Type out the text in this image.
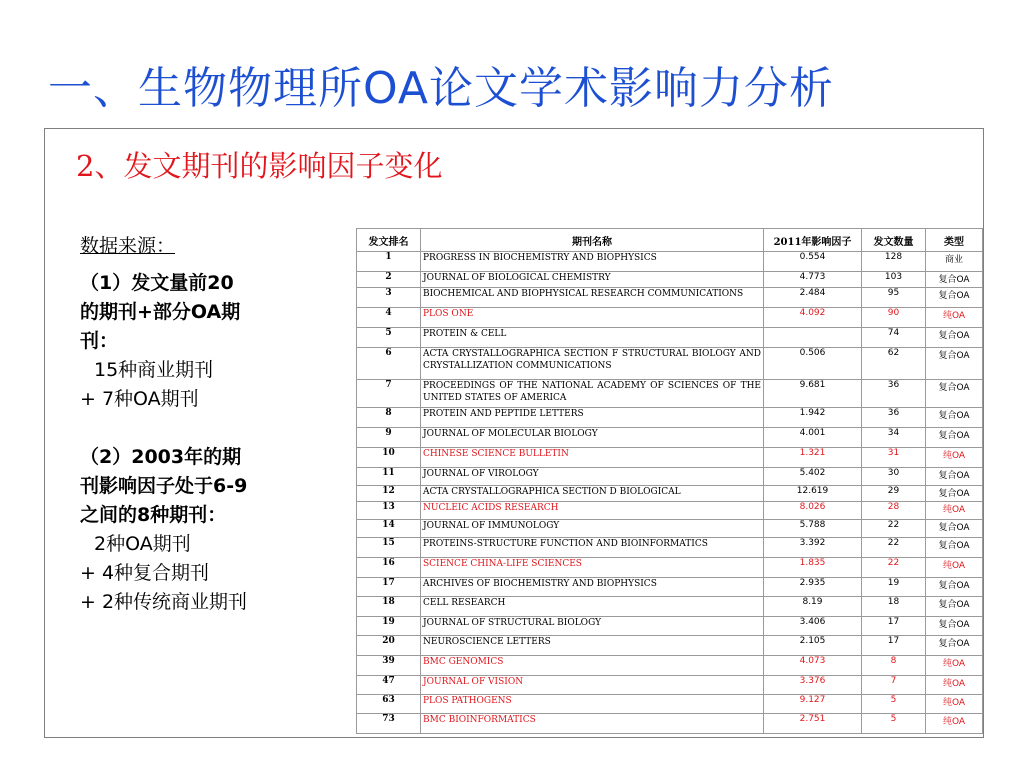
一、生物物理所OA论文学术影响力分析
2、发文期刊的影响因子变化

数据来源：

（1）发文量前20

的期刊+部分OA期

刊：

15种商业期刊

+ 7种OA期刊

（2）2003年的期

刊影响因子处于6-9

之间的8种期刊：

2种OA期刊

+ 4种复合期刊

+ 2种传统商业期刊

发文排名	期刊名称	2011年影响因子	发文数量	类型
1	PROGRESS IN BIOCHEMISTRY AND BIOPHYSICS	0.554	128	商业
2	JOURNAL OF BIOLOGICAL CHEMISTRY	4.773	103	复合OA
3	BIOCHEMICAL AND BIOPHYSICAL RESEARCH COMMUNICATIONS	2.484	95	复合OA
4	PLOS ONE	4.092	90	纯OA
5	PROTEIN & CELL		74	复合OA
6	ACTA CRYSTALLOGRAPHICA SECTION F STRUCTURAL BIOLOGY AND CRYSTALLIZATION COMMUNICATIONS	0.506	62	复合OA
7	PROCEEDINGS OF THE NATIONAL ACADEMY OF SCIENCES OF THE UNITED STATES OF AMERICA	9.681	36	复合OA
8	PROTEIN AND PEPTIDE LETTERS	1.942	36	复合OA
9	JOURNAL OF MOLECULAR BIOLOGY	4.001	34	复合OA
10	CHINESE SCIENCE BULLETIN	1.321	31	纯OA
11	JOURNAL OF VIROLOGY	5.402	30	复合OA
12	ACTA CRYSTALLOGRAPHICA SECTION D BIOLOGICAL	12.619	29	复合OA
13	NUCLEIC ACIDS RESEARCH	8.026	28	纯OA
14	JOURNAL OF IMMUNOLOGY	5.788	22	复合OA
15	PROTEINS-STRUCTURE FUNCTION AND BIOINFORMATICS	3.392	22	复合OA
16	SCIENCE CHINA-LIFE SCIENCES	1.835	22	纯OA
17	ARCHIVES OF BIOCHEMISTRY AND BIOPHYSICS	2.935	19	复合OA
18	CELL RESEARCH	8.19	18	复合OA
19	JOURNAL OF STRUCTURAL BIOLOGY	3.406	17	复合OA
20	NEUROSCIENCE LETTERS	2.105	17	复合OA
39	BMC GENOMICS	4.073	8	纯OA
47	JOURNAL OF VISION	3.376	7	纯OA
63	PLOS PATHOGENS	9.127	5	纯OA
73	BMC BIOINFORMATICS	2.751	5	纯OA
